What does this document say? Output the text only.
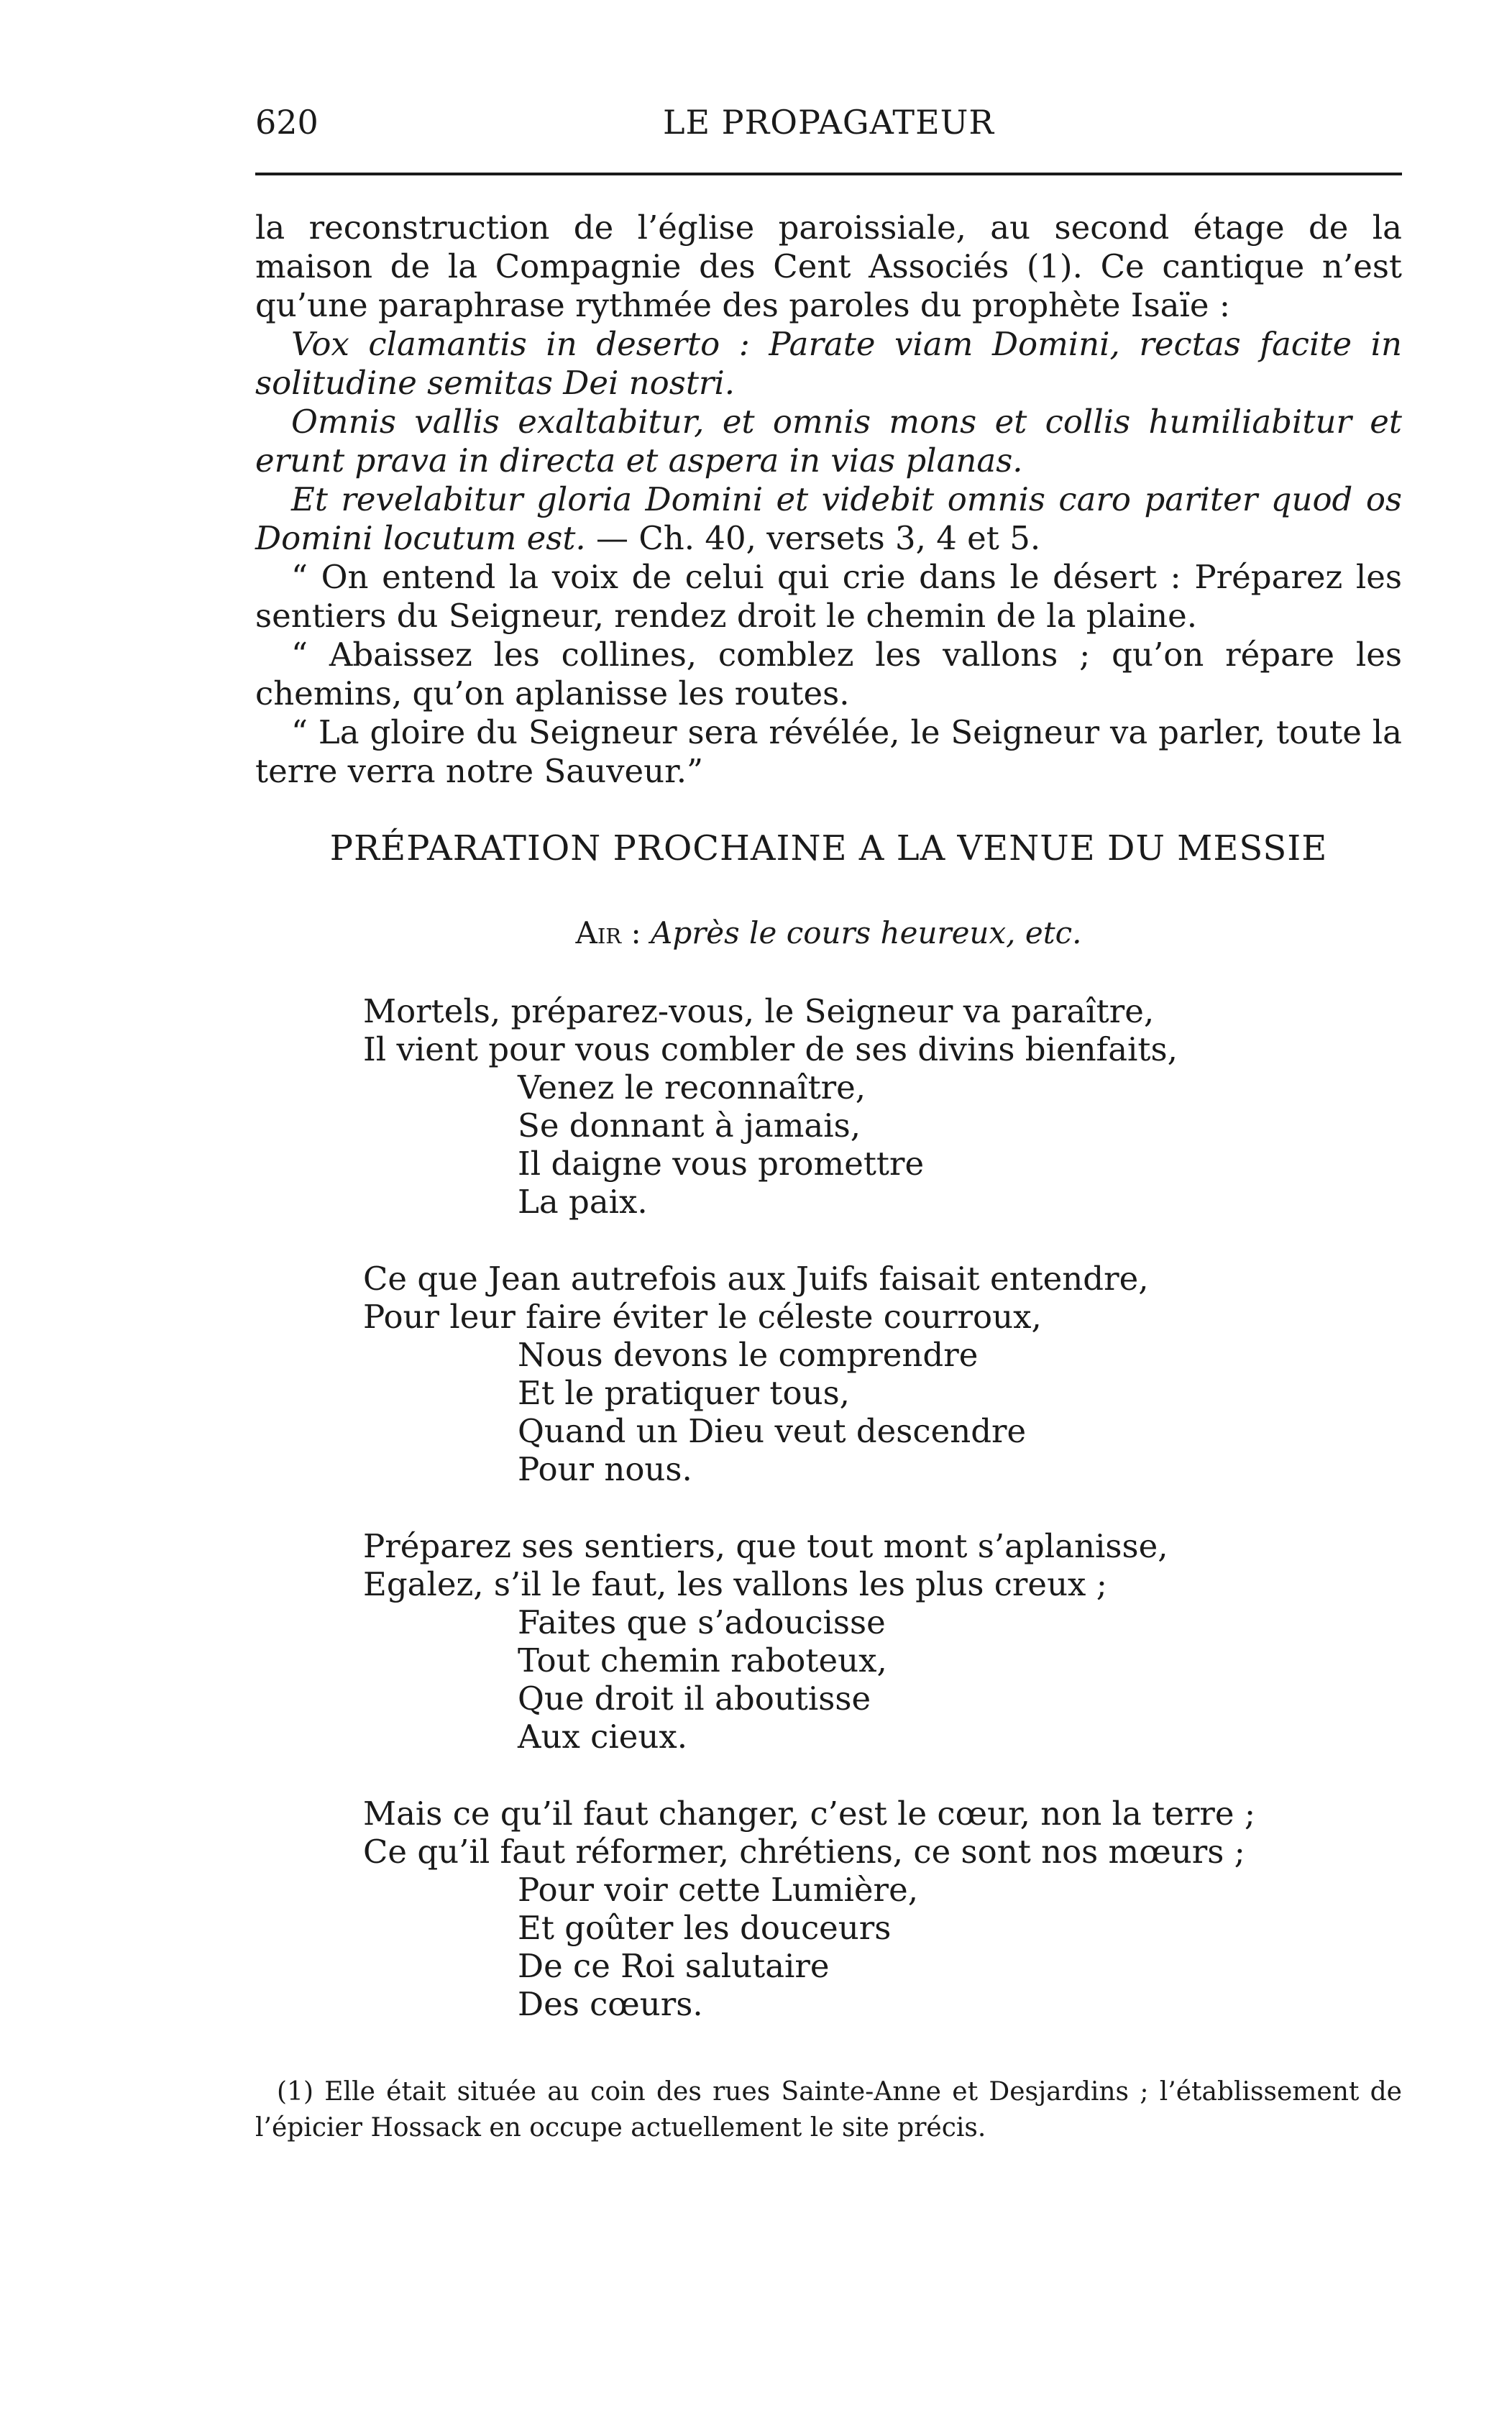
620	LE PROPAGATEUR

la reconstruction de l’église paroissiale, au second étage de la maison de la Compagnie des Cent Associés (1). Ce cantique n’est qu’une paraphrase rythmée des paroles du prophète Isaïe :

Vox clamantis in deserto : Parate viam Domini, rectas facite in solitudine semitas Dei nostri.

Omnis vallis exaltabitur, et omnis mons et collis humiliabitur et erunt prava in directa et aspera in vias planas.

Et revelabitur gloria Domini et videbit omnis caro pariter quod os Domini locutum est. — Ch. 40, versets 3, 4 et 5.

“ On entend la voix de celui qui crie dans le désert : Préparez les sentiers du Seigneur, rendez droit le chemin de la plaine.

“ Abaissez les collines, comblez les vallons ; qu’on répare les chemins, qu’on aplanisse les routes.

“ La gloire du Seigneur sera révélée, le Seigneur va parler, toute la terre verra notre Sauveur.”

PRÉPARATION PROCHAINE A LA VENUE DU MESSIE
Air : Après le cours heureux, etc.
Mortels, préparez-vous, le Seigneur va paraître,
Il vient pour vous combler de ses divins bienfaits,
Venez le reconnaître,
Se donnant à jamais,
Il daigne vous promettre
La paix.
Ce que Jean autrefois aux Juifs faisait entendre,
Pour leur faire éviter le céleste courroux,
Nous devons le comprendre
Et le pratiquer tous,
Quand un Dieu veut descendre
Pour nous.
Préparez ses sentiers, que tout mont s’aplanisse,
Egalez, s’il le faut, les vallons les plus creux ;
Faites que s’adoucisse
Tout chemin raboteux,
Que droit il aboutisse
Aux cieux.
Mais ce qu’il faut changer, c’est le cœur, non la terre ;
Ce qu’il faut réformer, chrétiens, ce sont nos mœurs ;
Pour voir cette Lumière,
Et goûter les douceurs
De ce Roi salutaire
Des cœurs.
(1) Elle était située au coin des rues Sainte-Anne et Desjardins ; l’établissement de l’épicier Hossack en occupe actuellement le site précis.
